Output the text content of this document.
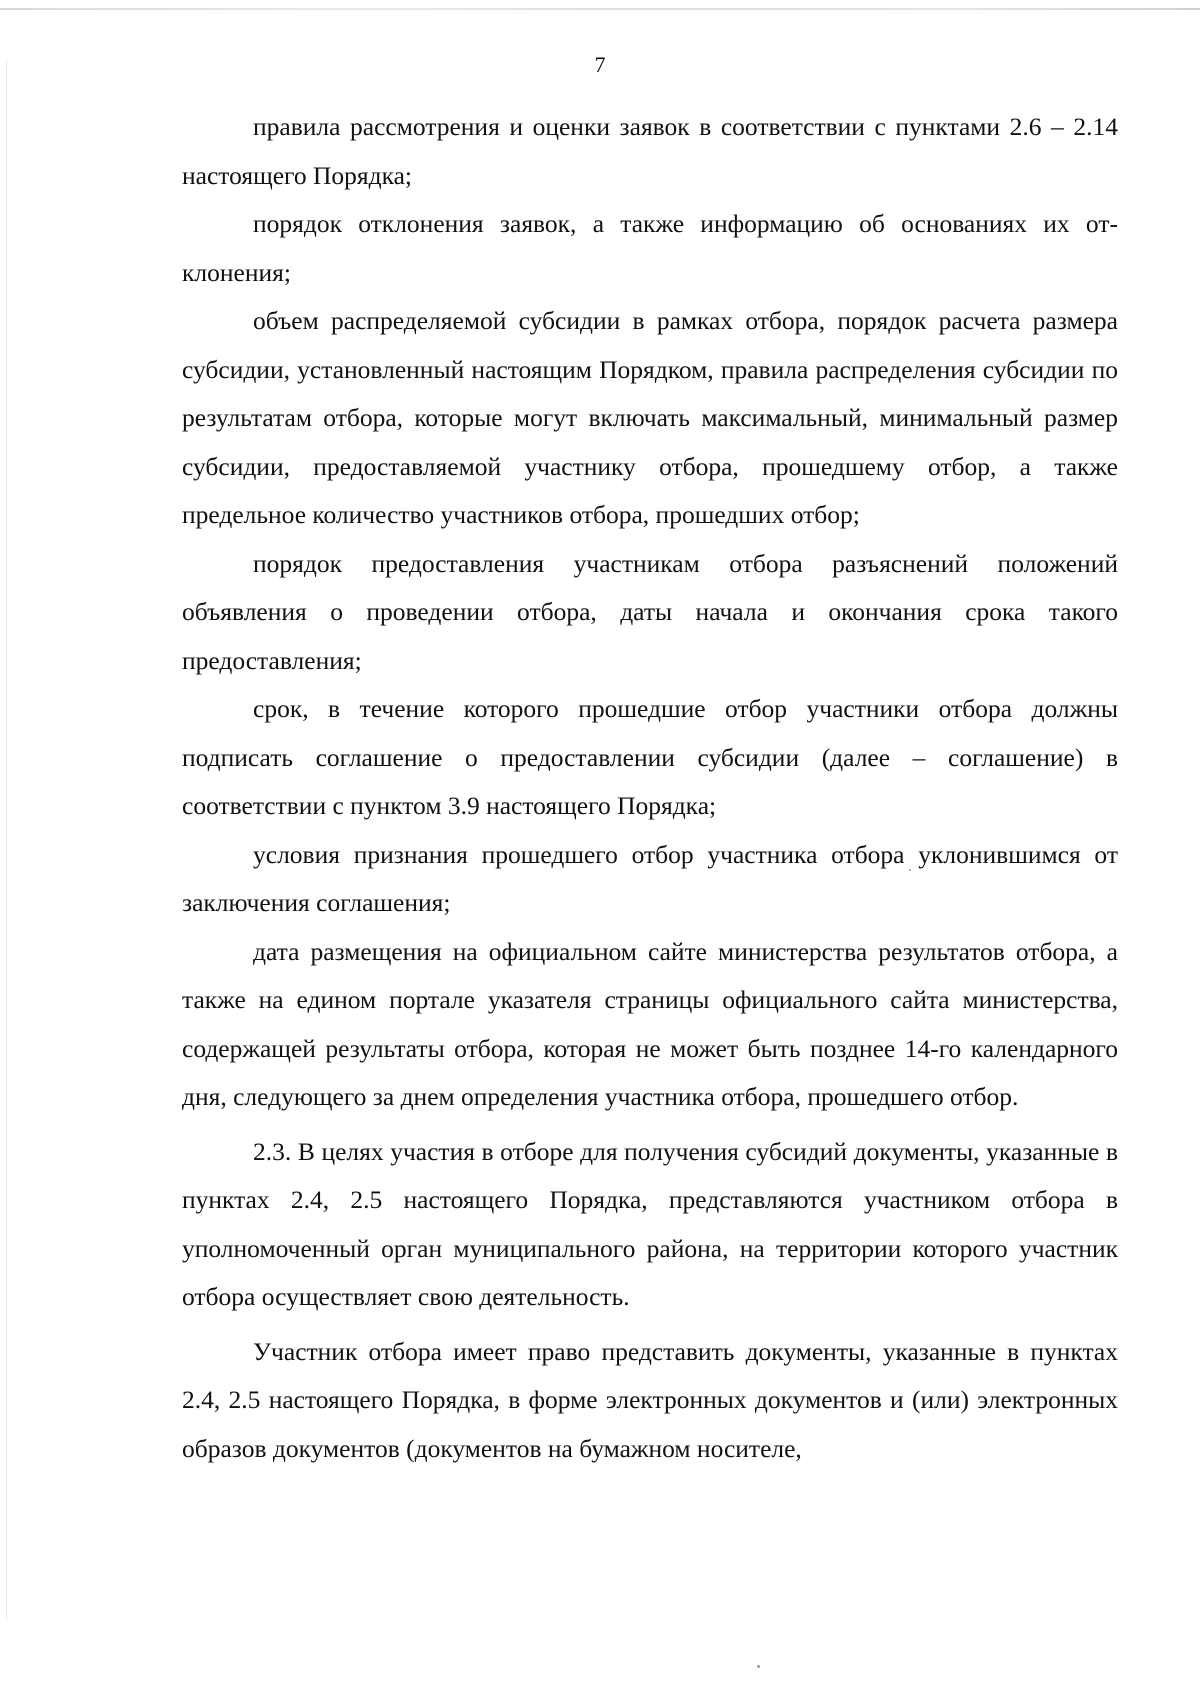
7

правила рассмотрения и оценки заявок в соответствии с пунктами 2.6 – 2.14 настоящего Порядка;

порядок отклонения заявок, а также информацию об основаниях их отклонения;

объем распределяемой субсидии в рамках отбора, порядок расчета размера субсидии, установленный настоящим Порядком, правила распределения субсидии по результатам отбора, которые могут включать максимальный, минимальный размер субсидии, предоставляемой участнику отбора, прошедшему отбор, а также предельное количество участников отбора, прошедших отбор;

порядок предоставления участникам отбора разъяснений положений объявления о проведении отбора, даты начала и окончания срока такого предоставления;

срок, в течение которого прошедшие отбор участники отбора должны подписать соглашение о предоставлении субсидии (далее – соглашение) в соответствии с пунктом 3.9 настоящего Порядка;

условия признания прошедшего отбор участника отбора уклонившимся от заключения соглашения;

дата размещения на официальном сайте министерства результатов отбора, а также на едином портале указателя страницы официального сайта министерства, содержащей результаты отбора, которая не может быть позднее 14-го календарного дня, следующего за днем определения участника отбора, прошедшего отбор.

2.3. В целях участия в отборе для получения субсидий документы, указанные в пунктах 2.4, 2.5 настоящего Порядка, представляются участником отбора в уполномоченный орган муниципального района, на территории которого участник отбора осуществляет свою деятельность.

Участник отбора имеет право представить документы, указанные в пунктах 2.4, 2.5 настоящего Порядка, в форме электронных документов и (или) электронных образов документов (документов на бумажном носителе,
